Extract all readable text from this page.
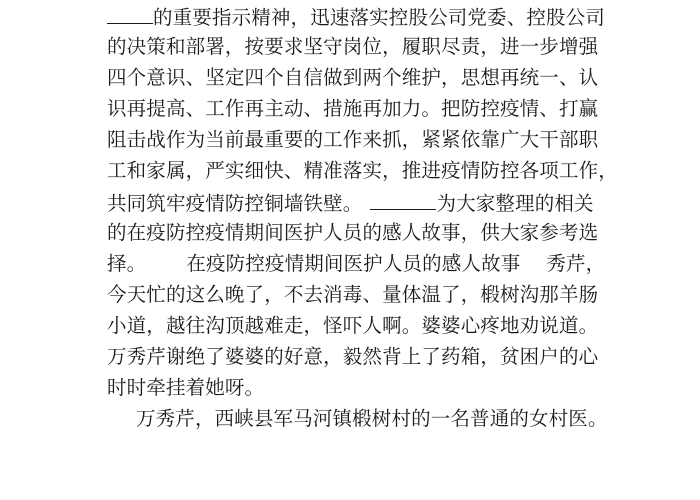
的重要指示精神，迅速落实控股公司党委、控股公司
的决策和部署，按要求坚守岗位，履职尽责，进一步增强
四个意识、坚定四个自信做到两个维护，思想再统一、认
识再提高、工作再主动、措施再加力。把防控疫情、打赢
阻击战作为当前最重要的工作来抓，紧紧依靠广大干部职
工和家属，严实细快、精准落实，推进疫情防控各项工作，
共同筑牢疫情防控铜墙铁壁。	为大家整理的相关
的在疫防控疫情期间医护人员的感人故事，供大家参考选
择。 在疫防控疫情期间医护人员的感人故事 秀芹，
今天忙的这么晚了，不去消毒、量体温了，椴树沟那羊肠
小道，越往沟顶越难走，怪吓人啊。婆婆心疼地劝说道。
万秀芹谢绝了婆婆的好意，毅然背上了药箱，贫困户的心
时时牵挂着她呀。
万秀芹，西峡县军马河镇椴树村的一名普通的女村医。
